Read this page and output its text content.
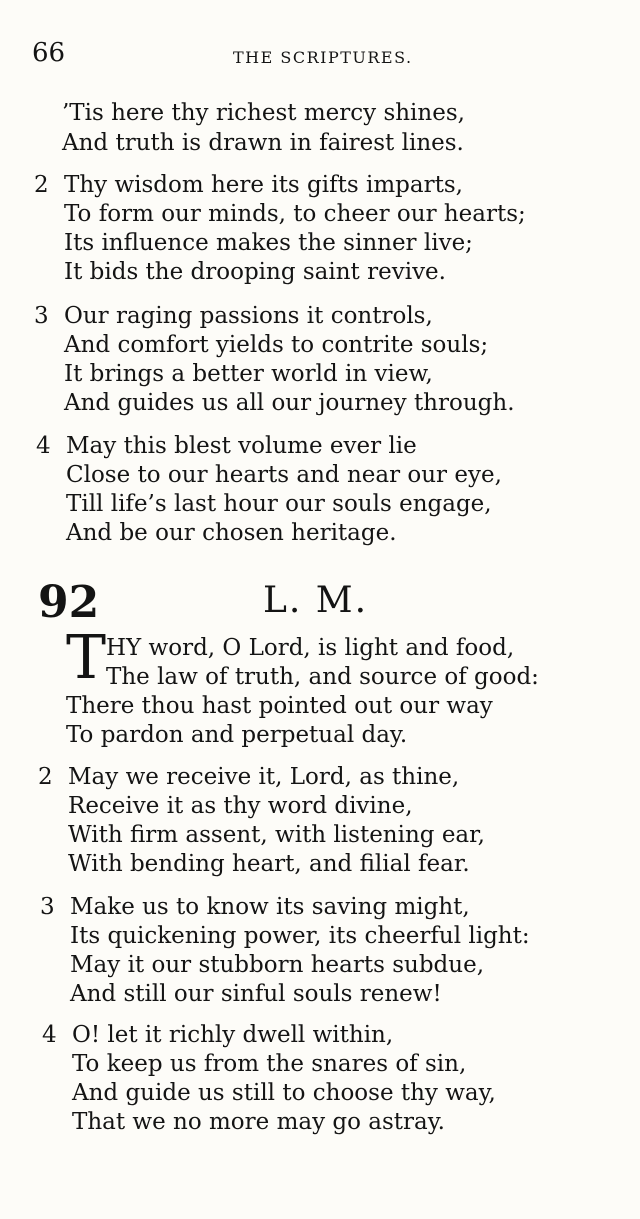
66	THE SCRIPTURES.
’Tis here thy richest mercy shines,
And truth is drawn in fairest lines.
2 Thy wisdom here its gifts imparts,
To form our minds, to cheer our hearts;
Its influence makes the sinner live;
It bids the drooping saint revive.
3 Our raging passions it controls,
And comfort yields to contrite souls;
It brings a better world in view,
And guides us all our journey through.
4 May this blest volume ever lie
Close to our hearts and near our eye,
Till life’s last hour our souls engage,
And be our chosen heritage.
92	L. M.
T HY word, O Lord, is light and food,
The law of truth, and source of good:
There thou hast pointed out our way
To pardon and perpetual day.
2 May we receive it, Lord, as thine,
Receive it as thy word divine,
With firm assent, with listening ear,
With bending heart, and filial fear.
3 Make us to know its saving might,
Its quickening power, its cheerful light:
May it our stubborn hearts subdue,
And still our sinful souls renew!
4 O! let it richly dwell within,
To keep us from the snares of sin,
And guide us still to choose thy way,
That we no more may go astray.
